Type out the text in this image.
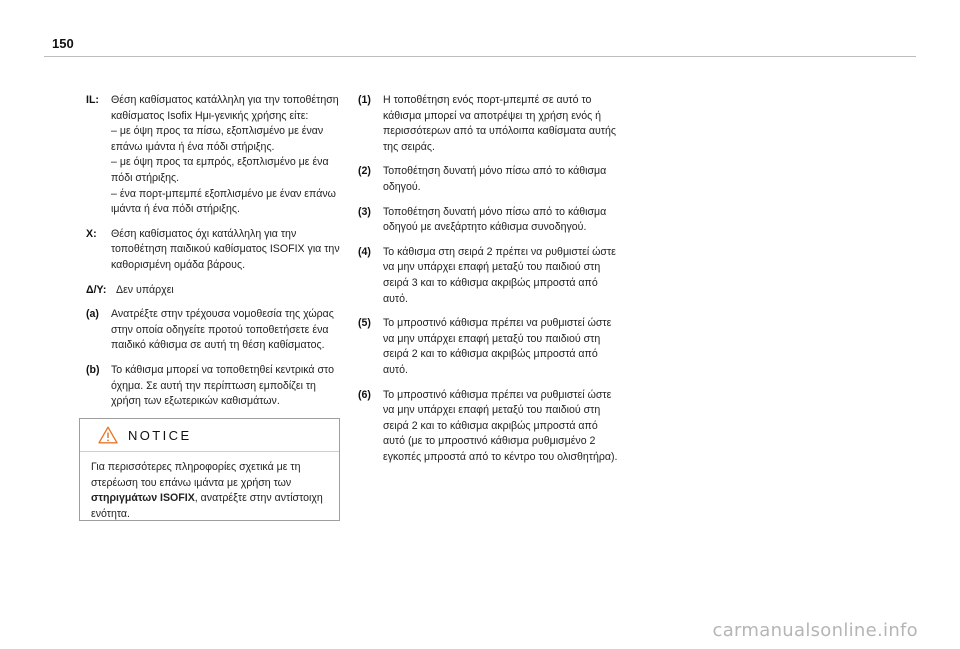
150
IL:	Θέση καθίσματος κατάλληλη για την τοποθέτηση
καθίσματος Isofix Ημι-γενικής χρήσης είτε:
– με όψη προς τα πίσω, εξοπλισμένο με έναν
επάνω ιμάντα ή ένα πόδι στήριξης.
– με όψη προς τα εμπρός, εξοπλισμένο με ένα
πόδι στήριξης.
– ένα πορτ-μπεμπέ εξοπλισμένο με έναν επάνω
ιμάντα ή ένα πόδι στήριξης.
X:	Θέση καθίσματος όχι κατάλληλη για την
τοποθέτηση παιδικού καθίσματος ISOFIX για την
καθορισμένη ομάδα βάρους.
Δ/Υ: Δεν υπάρχει
(a)	Ανατρέξτε στην τρέχουσα νομοθεσία της χώρας
στην οποία οδηγείτε προτού τοποθετήσετε ένα
παιδικό κάθισμα σε αυτή τη θέση καθίσματος.
(b)	Το κάθισμα μπορεί να τοποθετηθεί κεντρικά στο
όχημα. Σε αυτή την περίπτωση εμποδίζει τη
χρήση των εξωτερικών καθισμάτων.
NOTICE
Για περισσότερες πληροφορίες σχετικά με τη
στερέωση του επάνω ιμάντα με χρήση των
στηριγμάτων ISOFIX, ανατρέξτε στην αντίστοιχη
ενότητα.
(1)	Η τοποθέτηση ενός πορτ-μπεμπέ σε αυτό το
κάθισμα μπορεί να αποτρέψει τη χρήση ενός ή
περισσότερων από τα υπόλοιπα καθίσματα αυτής
της σειράς.
(2)	Τοποθέτηση δυνατή μόνο πίσω από το κάθισμα
οδηγού.
(3)	Τοποθέτηση δυνατή μόνο πίσω από το κάθισμα
οδηγού με ανεξάρτητο κάθισμα συνοδηγού.
(4)	Το κάθισμα στη σειρά 2 πρέπει να ρυθμιστεί ώστε
να μην υπάρχει επαφή μεταξύ του παιδιού στη
σειρά 3 και το κάθισμα ακριβώς μπροστά από
αυτό.
(5)	Το μπροστινό κάθισμα πρέπει να ρυθμιστεί ώστε
να μην υπάρχει επαφή μεταξύ του παιδιού στη
σειρά 2 και το κάθισμα ακριβώς μπροστά από
αυτό.
(6)	Το μπροστινό κάθισμα πρέπει να ρυθμιστεί ώστε
να μην υπάρχει επαφή μεταξύ του παιδιού στη
σειρά 2 και το κάθισμα ακριβώς μπροστά από
αυτό (με το μπροστινό κάθισμα ρυθμισμένο 2
εγκοπές μπροστά από το κέντρο του ολισθητήρα).
carmanualsonline.info
